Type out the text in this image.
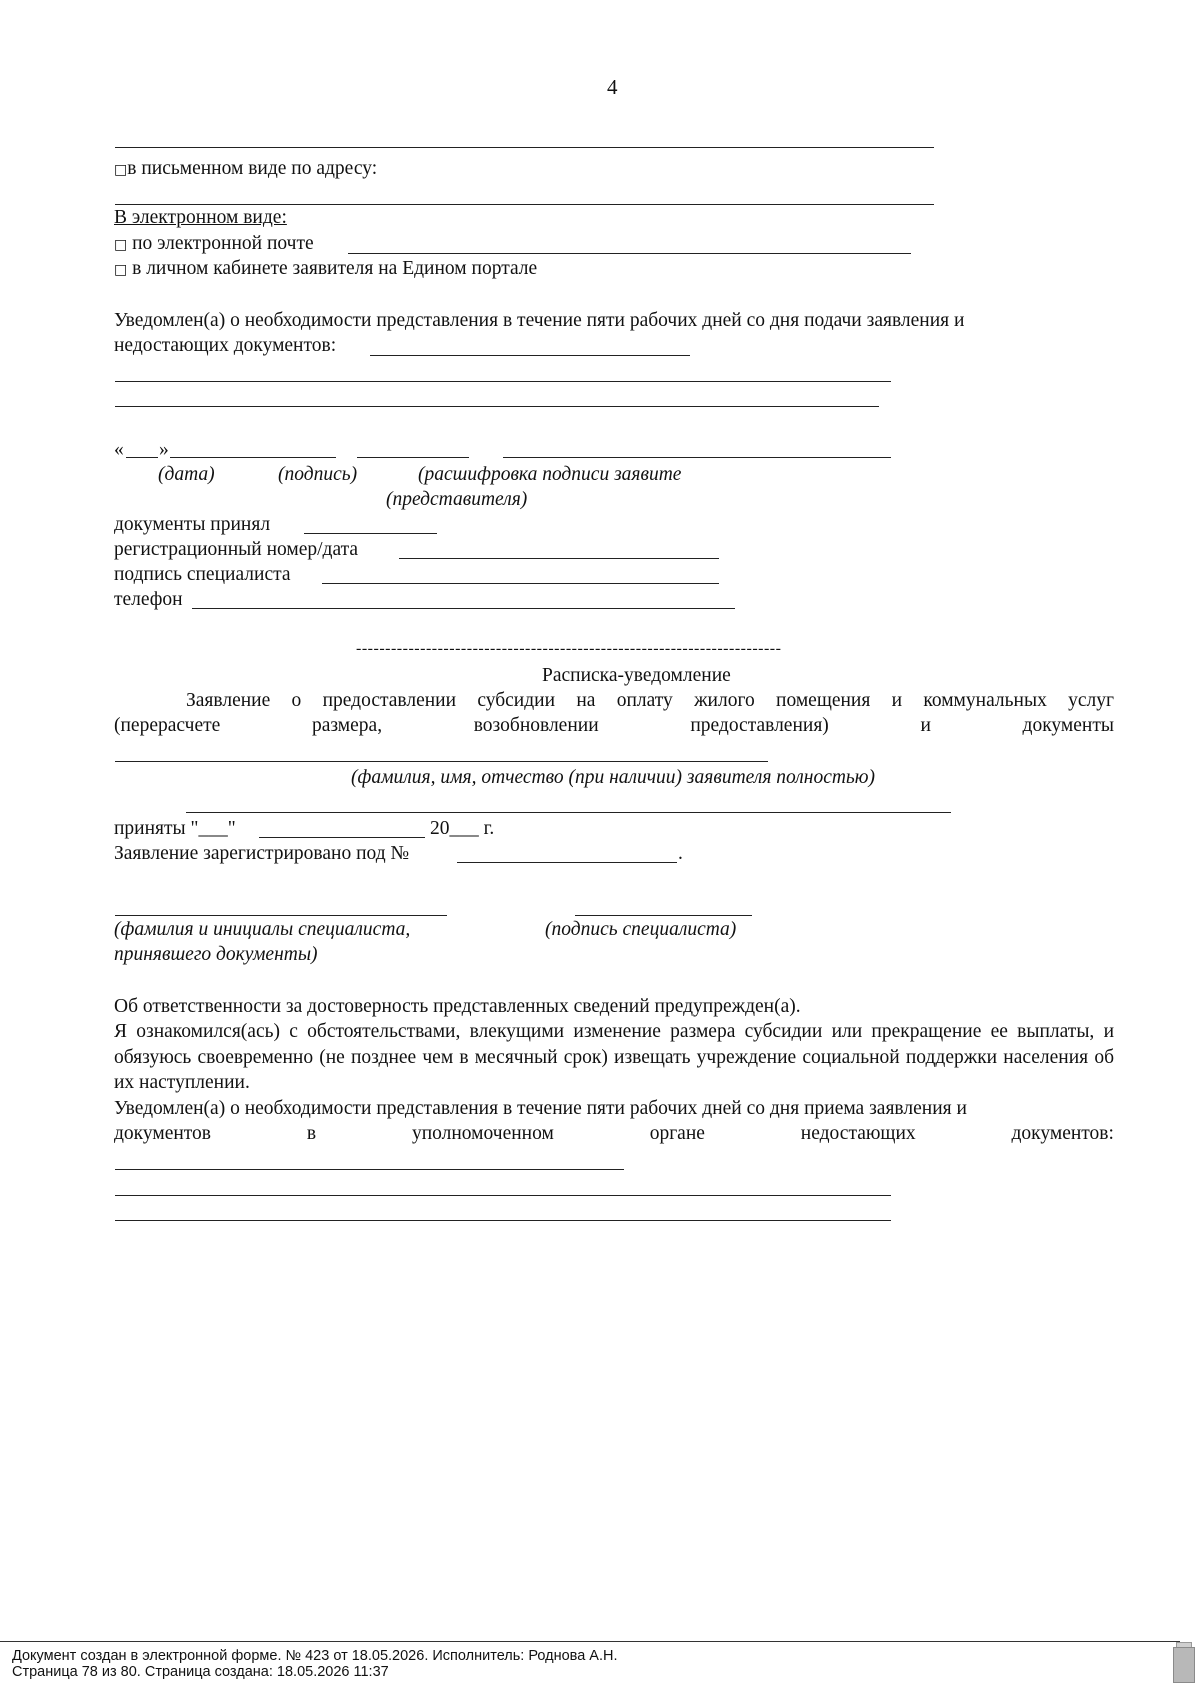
4
□в письменном виде по адресу:
В электронном виде:
□ по электронной почте
□ в личном кабинете заявителя на Едином портале
Уведомлен(а) о необходимости представления в течение пяти рабочих дней со дня подачи заявления и
недостающих документов:
« »
(дата)	(подпись)	(расшифровка подписи заявите
(представителя)
документы принял
регистрационный номер/дата
подпись специалиста
телефон
-------------------------------------------------------------------------
Расписка-уведомление
Заявление о предоставлении субсидии на оплату жилого помещения и коммунальных услуг
(перерасчете	размера,	возобновлении	предоставления)	и	документы
(фамилия, имя, отчество (при наличии) заявителя полностью)
приняты "___"	20___ г.
Заявление зарегистрировано под №	.
(фамилия и инициалы специалиста,
принявшего документы)
(подпись специалиста)
Об ответственности за достоверность представленных сведений предупрежден(а).
Я ознакомился(ась) с обстоятельствами, влекущими изменение размера субсидии или прекращение ее выплаты, и обязуюсь своевременно (не позднее чем в месячный срок) извещать учреждение социальной поддержки населения об их наступлении.
Уведомлен(а) о необходимости представления в течение пяти рабочих дней со дня приема заявления и
документов	в	уполномоченном	органе	недостающих	документов:
Документ создан в электронной форме. № 423 от 18.05.2026. Исполнитель: Роднова А.Н.
Страница 78 из 80. Страница создана: 18.05.2026 11:37
